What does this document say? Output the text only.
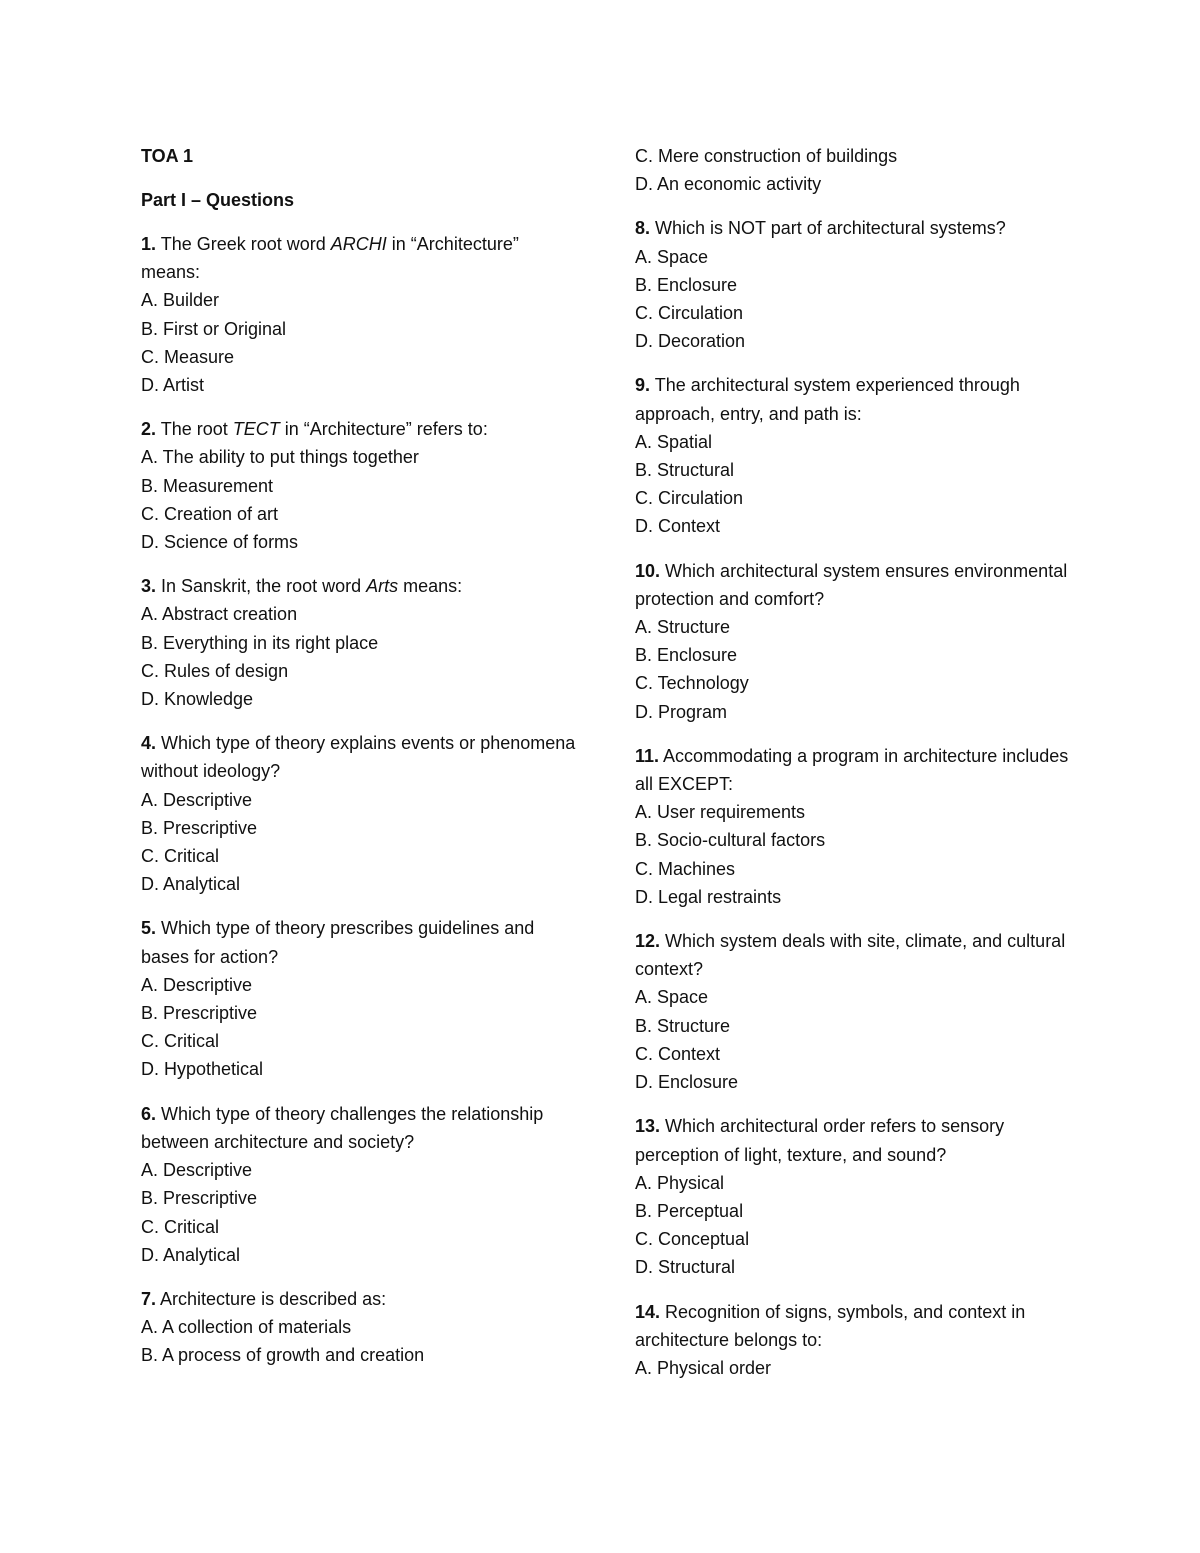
TOA 1

Part I – Questions

1. The Greek root word ARCHI in “Architecture” means:

A. Builder

B. First or Original

C. Measure

D. Artist

2. The root TECT in “Architecture” refers to:

A. The ability to put things together

B. Measurement

C. Creation of art

D. Science of forms

3. In Sanskrit, the root word Arts means:

A. Abstract creation

B. Everything in its right place

C. Rules of design

D. Knowledge

4. Which type of theory explains events or phenomena without ideology?

A. Descriptive

B. Prescriptive

C. Critical

D. Analytical

5. Which type of theory prescribes guidelines and bases for action?

A. Descriptive

B. Prescriptive

C. Critical

D. Hypothetical

6. Which type of theory challenges the relationship between architecture and society?

A. Descriptive

B. Prescriptive

C. Critical

D. Analytical

7. Architecture is described as:

A. A collection of materials

B. A process of growth and creation

C. Mere construction of buildings

D. An economic activity

8. Which is NOT part of architectural systems?

A. Space

B. Enclosure

C. Circulation

D. Decoration

9. The architectural system experienced through approach, entry, and path is:

A. Spatial

B. Structural

C. Circulation

D. Context

10. Which architectural system ensures environmental protection and comfort?

A. Structure

B. Enclosure

C. Technology

D. Program

11. Accommodating a program in architecture includes all EXCEPT:

A. User requirements

B. Socio-cultural factors

C. Machines

D. Legal restraints

12. Which system deals with site, climate, and cultural context?

A. Space

B. Structure

C. Context

D. Enclosure

13. Which architectural order refers to sensory perception of light, texture, and sound?

A. Physical

B. Perceptual

C. Conceptual

D. Structural

14. Recognition of signs, symbols, and context in architecture belongs to:

A. Physical order
